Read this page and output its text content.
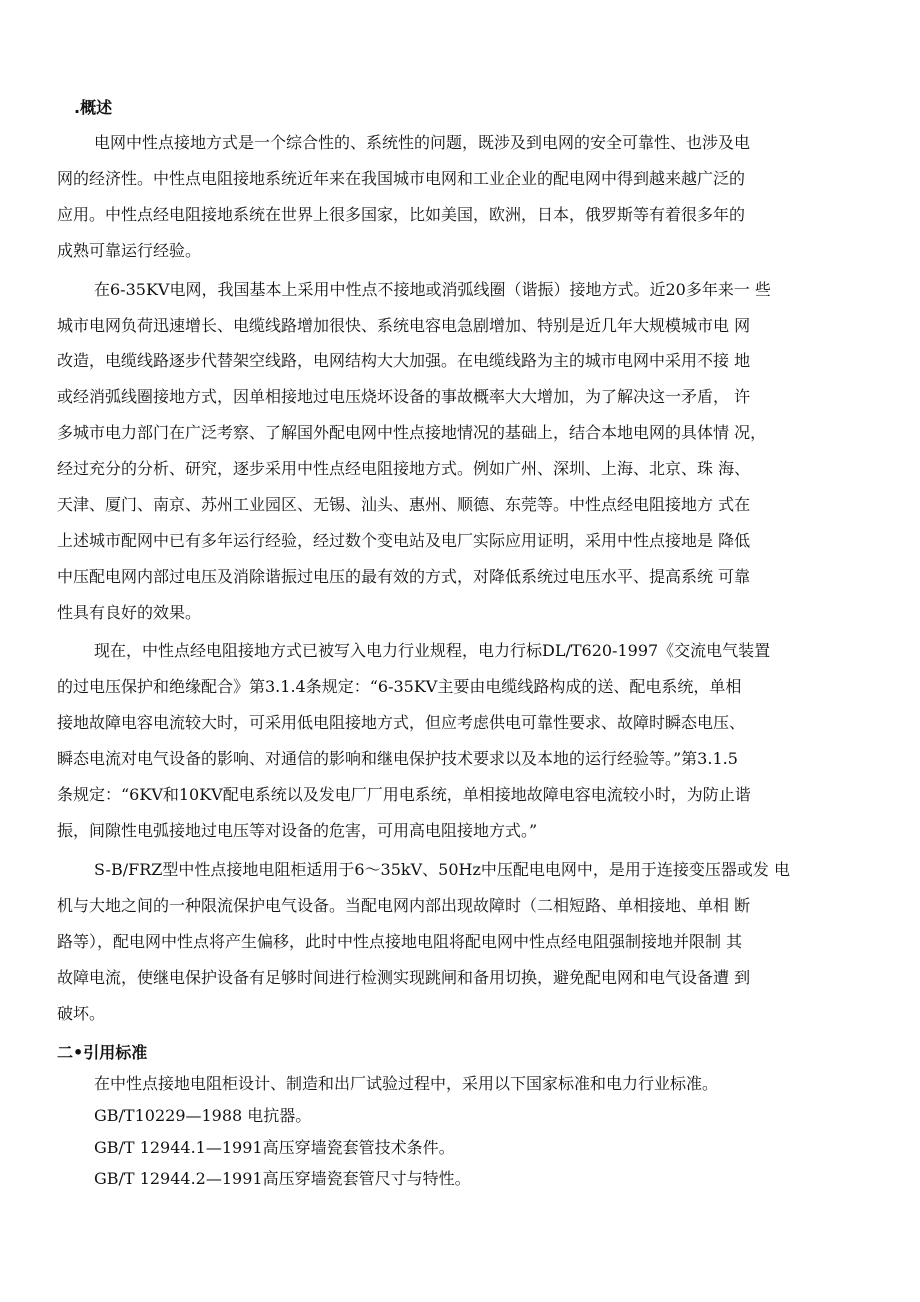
.概述
电网中性点接地方式是一个综合性的、系统性的问题，既涉及到电网的安全可靠性、也涉及电
网的经济性。中性点电阻接地系统近年来在我国城市电网和工业企业的配电网中得到越来越广泛的
应用。中性点经电阻接地系统在世界上很多国家，比如美国，欧洲，日本，俄罗斯等有着很多年的
成熟可靠运行经验。
在6-35KV电网，我国基本上采用中性点不接地或消弧线圈（谐振）接地方式。近20多年来一 些
城市电网负荷迅速增长、电缆线路增加很快、系统电容电急剧增加、特别是近几年大规模城市电 网
改造，电缆线路逐步代替架空线路，电网结构大大加强。在电缆线路为主的城市电网中采用不接 地
或经消弧线圈接地方式，因单相接地过电压烧坏设备的事故概率大大增加，为了解决这一矛盾， 许
多城市电力部门在广泛考察、了解国外配电网中性点接地情况的基础上，结合本地电网的具体情 况，
经过充分的分析、研究，逐步采用中性点经电阻接地方式。例如广州、深圳、上海、北京、珠 海、
天津、厦门、南京、苏州工业园区、无锡、汕头、惠州、顺德、东莞等。中性点经电阻接地方 式在
上述城市配网中已有多年运行经验，经过数个变电站及电厂实际应用证明，采用中性点接地是 降低
中压配电网内部过电压及消除谐振过电压的最有效的方式，对降低系统过电压水平、提高系统 可靠
性具有良好的效果。
现在，中性点经电阻接地方式已被写入电力行业规程，电力行标DL/T620-1997《交流电气装置
的过电压保护和绝缘配合》第3.1.4条规定：“6-35KV主要由电缆线路构成的送、配电系统，单相
接地故障电容电流较大时，可采用低电阻接地方式，但应考虑供电可靠性要求、故障时瞬态电压、
瞬态电流对电气设备的影响、对通信的影响和继电保护技术要求以及本地的运行经验等。”第3.1.5
条规定：“6KV和10KV配电系统以及发电厂厂用电系统，单相接地故障电容电流较小时，为防止谐
振，间隙性电弧接地过电压等对设备的危害，可用高电阻接地方式。”
S-B/FRZ型中性点接地电阻柜适用于6〜35kV、50Hz中压配电电网中，是用于连接变压器或发 电
机与大地之间的一种限流保护电气设备。当配电网内部出现故障时（二相短路、单相接地、单相 断
路等），配电网中性点将产生偏移，此时中性点接地电阻将配电网中性点经电阻强制接地并限制 其
故障电流，使继电保护设备有足够时间进行检测实现跳闸和备用切换，避免配电网和电气设备遭 到
破坏。
二•引用标准
在中性点接地电阻柜设计、制造和出厂试验过程中，采用以下国家标准和电力行业标准。
GB/T10229—1988 电抗器。
GB/T 12944.1—1991高压穿墙瓷套管技术条件。
GB/T 12944.2—1991高压穿墙瓷套管尺寸与特性。
